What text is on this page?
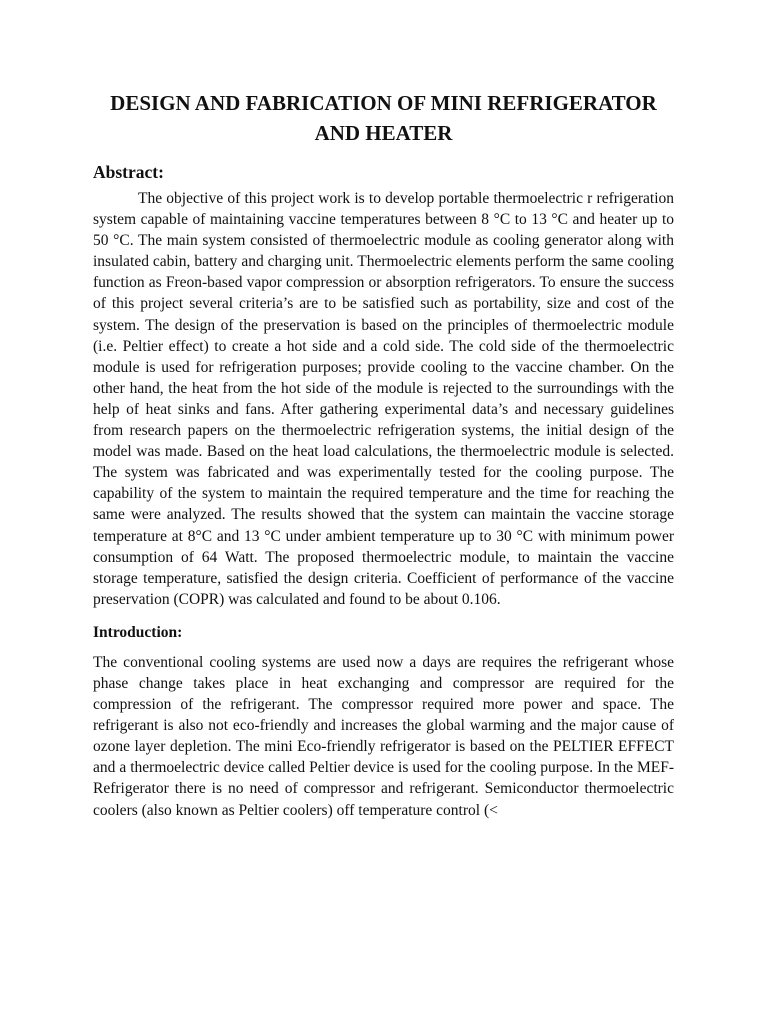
DESIGN AND FABRICATION OF MINI REFRIGERATOR AND HEATER
Abstract:

The objective of this project work is to develop portable thermoelectric r refrigeration system capable of maintaining vaccine temperatures between 8 °C to 13 °C and heater up to 50 °C. The main system consisted of thermoelectric module as cooling generator along with insulated cabin, battery and charging unit. Thermoelectric elements perform the same cooling function as Freon-based vapor compression or absorption refrigerators. To ensure the success of this project several criteria’s are to be satisfied such as portability, size and cost of the system. The design of the preservation is based on the principles of thermoelectric module (i.e. Peltier effect) to create a hot side and a cold side. The cold side of the thermoelectric module is used for refrigeration purposes; provide cooling to the vaccine chamber. On the other hand, the heat from the hot side of the module is rejected to the surroundings with the help of heat sinks and fans. After gathering experimental data’s and necessary guidelines from research papers on the thermoelectric refrigeration systems, the initial design of the model was made. Based on the heat load calculations, the thermoelectric module is selected. The system was fabricated and was experimentally tested for the cooling purpose. The capability of the system to maintain the required temperature and the time for reaching the same were analyzed. The results showed that the system can maintain the vaccine storage temperature at 8°C and 13 °C under ambient temperature up to 30 °C with minimum power consumption of 64 Watt. The proposed thermoelectric module, to maintain the vaccine storage temperature, satisfied the design criteria. Coefficient of performance of the vaccine preservation (COPR) was calculated and found to be about 0.106.

Introduction:

The conventional cooling systems are used now a days are requires the refrigerant whose phase change takes place in heat exchanging and compressor are required for the compression of the refrigerant. The compressor required more power and space. The refrigerant is also not eco-friendly and increases the global warming and the major cause of ozone layer depletion. The mini Eco-friendly refrigerator is based on the PELTIER EFFECT and a thermoelectric device called Peltier device is used for the cooling purpose. In the MEF-Refrigerator there is no need of compressor and refrigerant. Semiconductor thermoelectric coolers (also known as Peltier coolers) off temperature control (<
